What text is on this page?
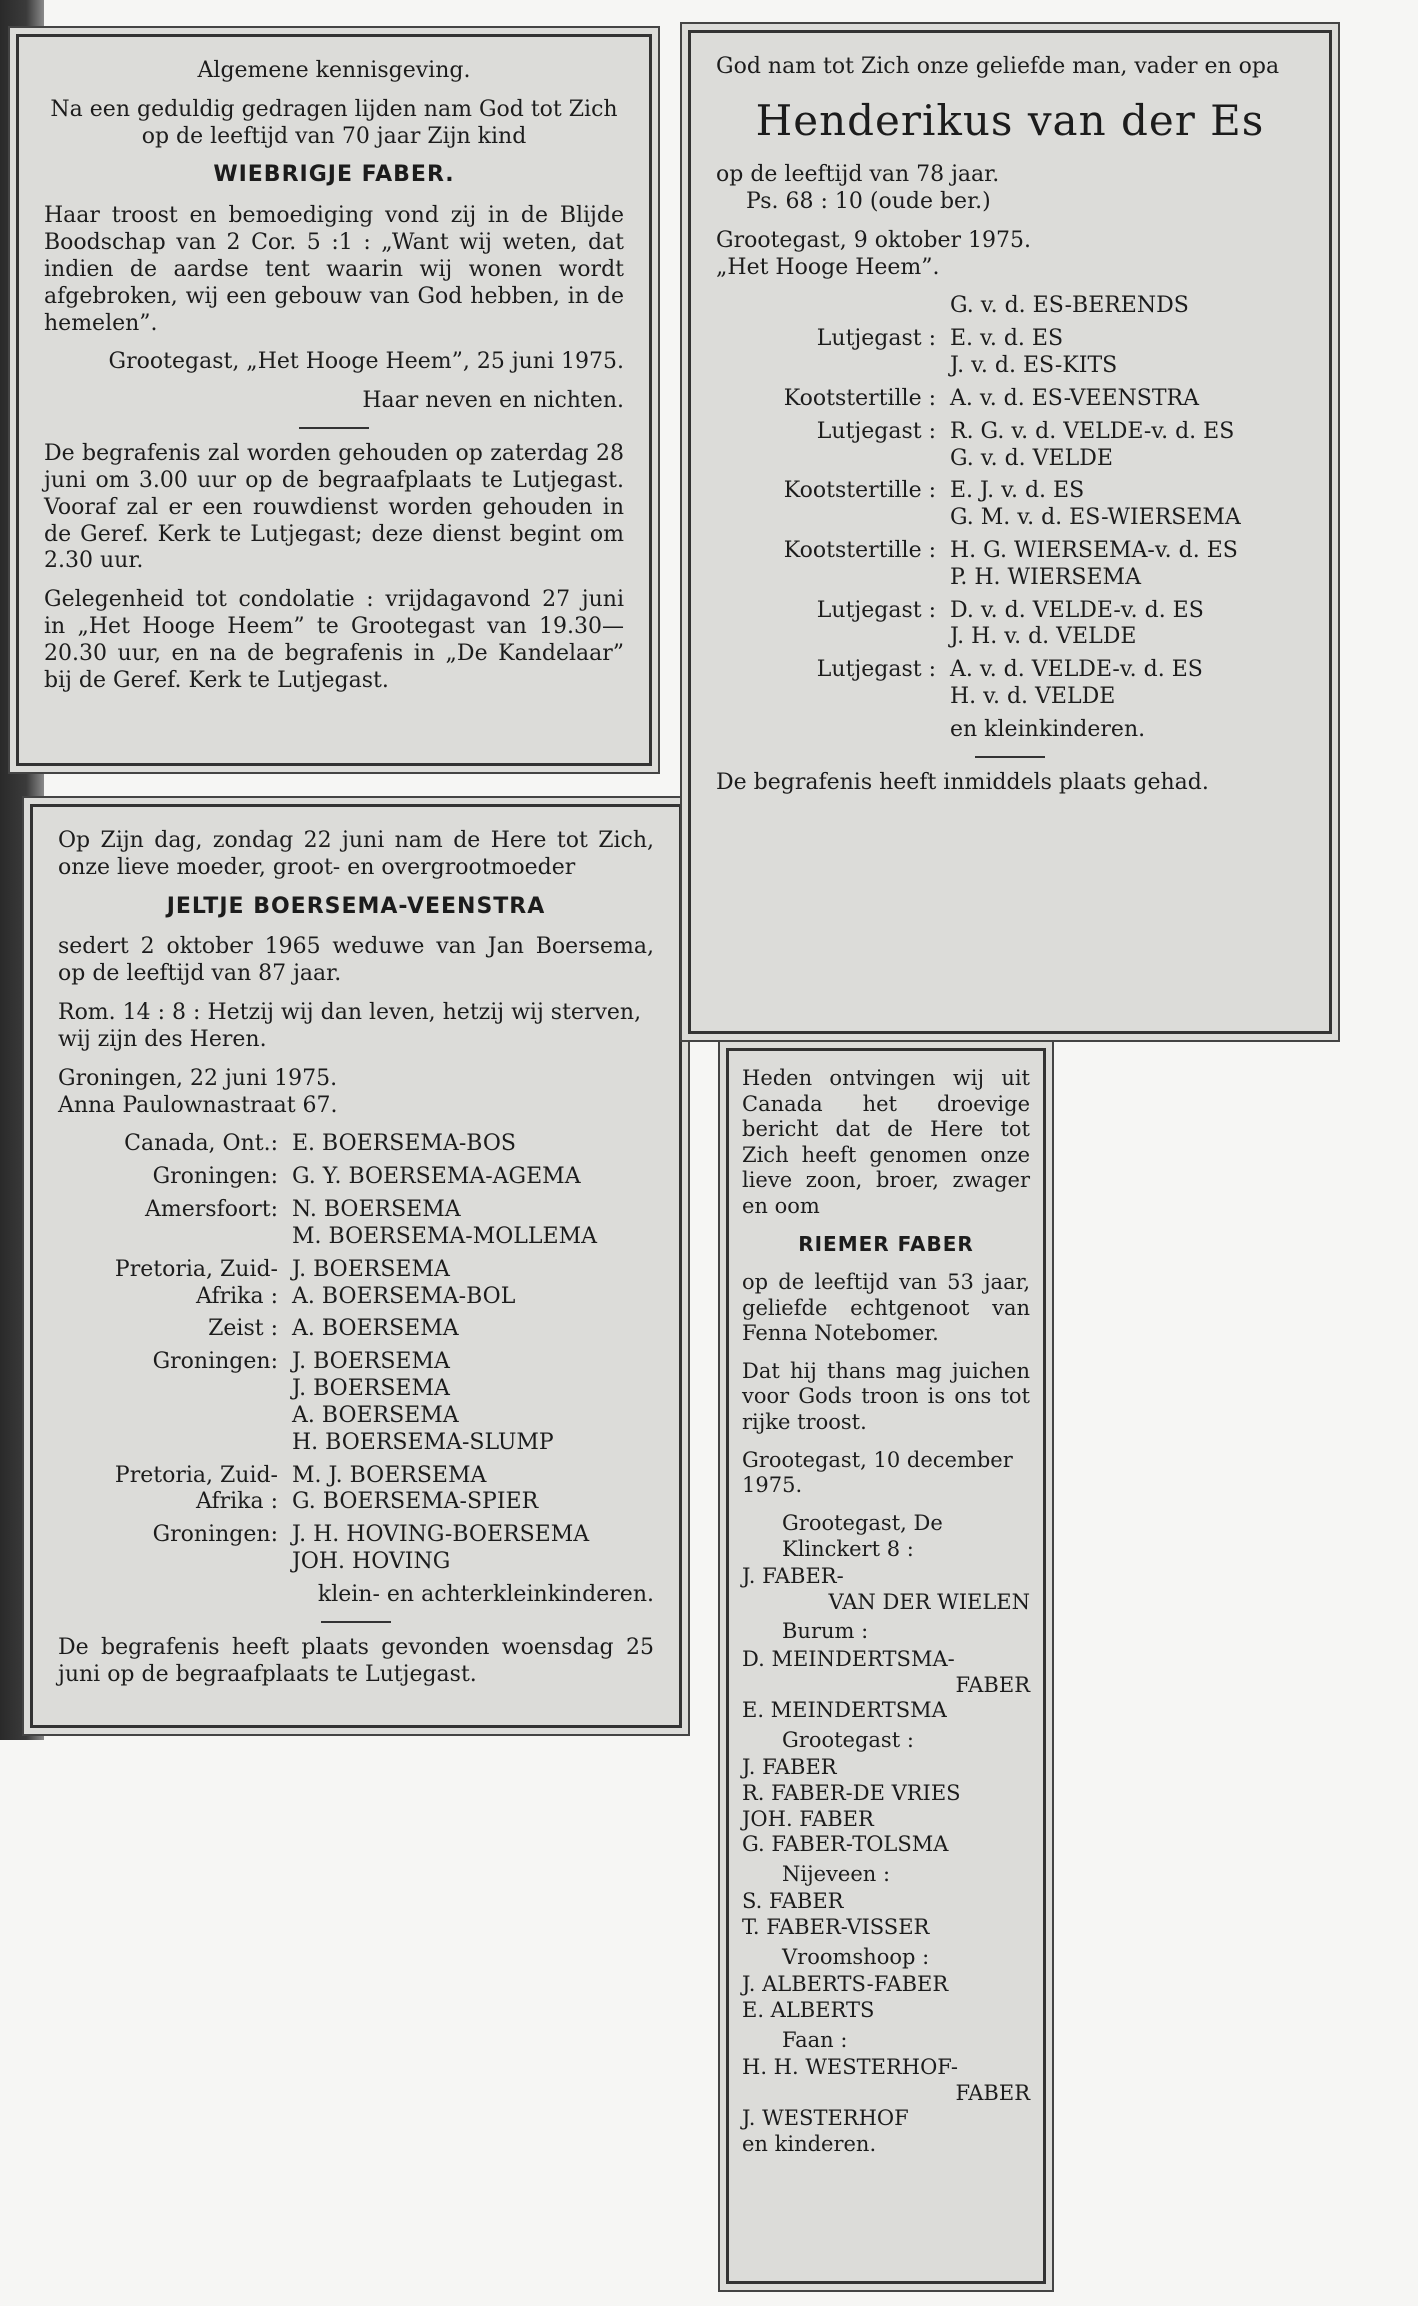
Algemene kennisgeving.

Na een geduldig gedragen lijden nam God tot Zich op de leeftijd van 70 jaar Zijn kind

WIEBRIGJE FABER.

Haar troost en bemoediging vond zij in de Blijde Boodschap van 2 Cor. 5 :1 : „Want wij weten, dat indien de aardse tent waarin wij wonen wordt afgebroken, wij een gebouw van God hebben, in de hemelen”.

Grootegast, „Het Hooge Heem”, 25 juni 1975.

Haar neven en nichten.

De begrafenis zal worden gehouden op zaterdag 28 juni om 3.00 uur op de begraafplaats te Lutjegast. Vooraf zal er een rouwdienst worden gehouden in de Geref. Kerk te Lutjegast; deze dienst begint om 2.30 uur.

Gelegenheid tot condolatie : vrijdagavond 27 juni in „Het Hooge Heem” te Grootegast van 19.30—20.30 uur, en na de begrafenis in „De Kandelaar” bij de Geref. Kerk te Lutjegast.

Op Zijn dag, zondag 22 juni nam de Here tot Zich, onze lieve moeder, groot- en overgrootmoeder

JELTJE BOERSEMA-VEENSTRA

sedert 2 oktober 1965 weduwe van Jan Boersema, op de leeftijd van 87 jaar.

Rom. 14 : 8 : Hetzij wij dan leven, hetzij wij sterven, wij zijn des Heren.

Groningen, 22 juni 1975.

Anna Paulownastraat 67.

Canada, Ont.: E. BOERSEMA-BOS
Groningen: G. Y. BOERSEMA-AGEMA
Amersfoort: N. BOERSEMA
M. BOERSEMA-MOLLEMA
Pretoria, Zuid-Afrika :
J. BOERSEMA
A. BOERSEMA-BOL
Zeist : A. BOERSEMA
Groningen: J. BOERSEMA
J. BOERSEMA
A. BOERSEMA
H. BOERSEMA-SLUMP
Pretoria, Zuid-Afrika :
M. J. BOERSEMA
G. BOERSEMA-SPIER
Groningen: J. H. HOVING-BOERSEMA
JOH. HOVING

klein- en achterkleinkinderen.

De begrafenis heeft plaats gevonden woensdag 25 juni op de begraafplaats te Lutjegast.

God nam tot Zich onze geliefde man, vader en opa

Henderikus van der Es

op de leeftijd van 78 jaar.

Ps. 68 : 10 (oude ber.)

Grootegast, 9 oktober 1975.

„Het Hooge Heem”.

G. v. d. ES-BERENDS
Lutjegast : E. v. d. ES
J. v. d. ES-KITS
Kootstertille : A. v. d. ES-VEENSTRA
Lutjegast : R. G. v. d. VELDE-v. d. ES
G. v. d. VELDE
Kootstertille : E. J. v. d. ES
G. M. v. d. ES-WIERSEMA
Kootstertille : H. G. WIERSEMA-v. d. ES
P. H. WIERSEMA
Lutjegast : D. v. d. VELDE-v. d. ES
J. H. v. d. VELDE
Lutjegast : A. v. d. VELDE-v. d. ES
H. v. d. VELDE

en kleinkinderen.

De begrafenis heeft inmiddels plaats gehad.

Heden ontvingen wij uit Canada het droevige bericht dat de Here tot Zich heeft genomen onze lieve zoon, broer, zwager en oom

RIEMER FABER

op de leeftijd van 53 jaar, geliefde echtgenoot van Fenna Notebomer.

Dat hij thans mag juichen voor Gods troon is ons tot rijke troost.

Grootegast, 10 december 1975.

Grootegast, De Klinckert 8 :
J. FABER-
VAN DER WIELEN
Burum :
D. MEINDERTSMA-
FABER
E. MEINDERTSMA
Grootegast :
J. FABER
R. FABER-DE VRIES
JOH. FABER
G. FABER-TOLSMA
Nijeveen :
S. FABER
T. FABER-VISSER
Vroomshoop :
J. ALBERTS-FABER
E. ALBERTS
Faan :
H. H. WESTERHOF-
FABER
J. WESTERHOF

en kinderen.
